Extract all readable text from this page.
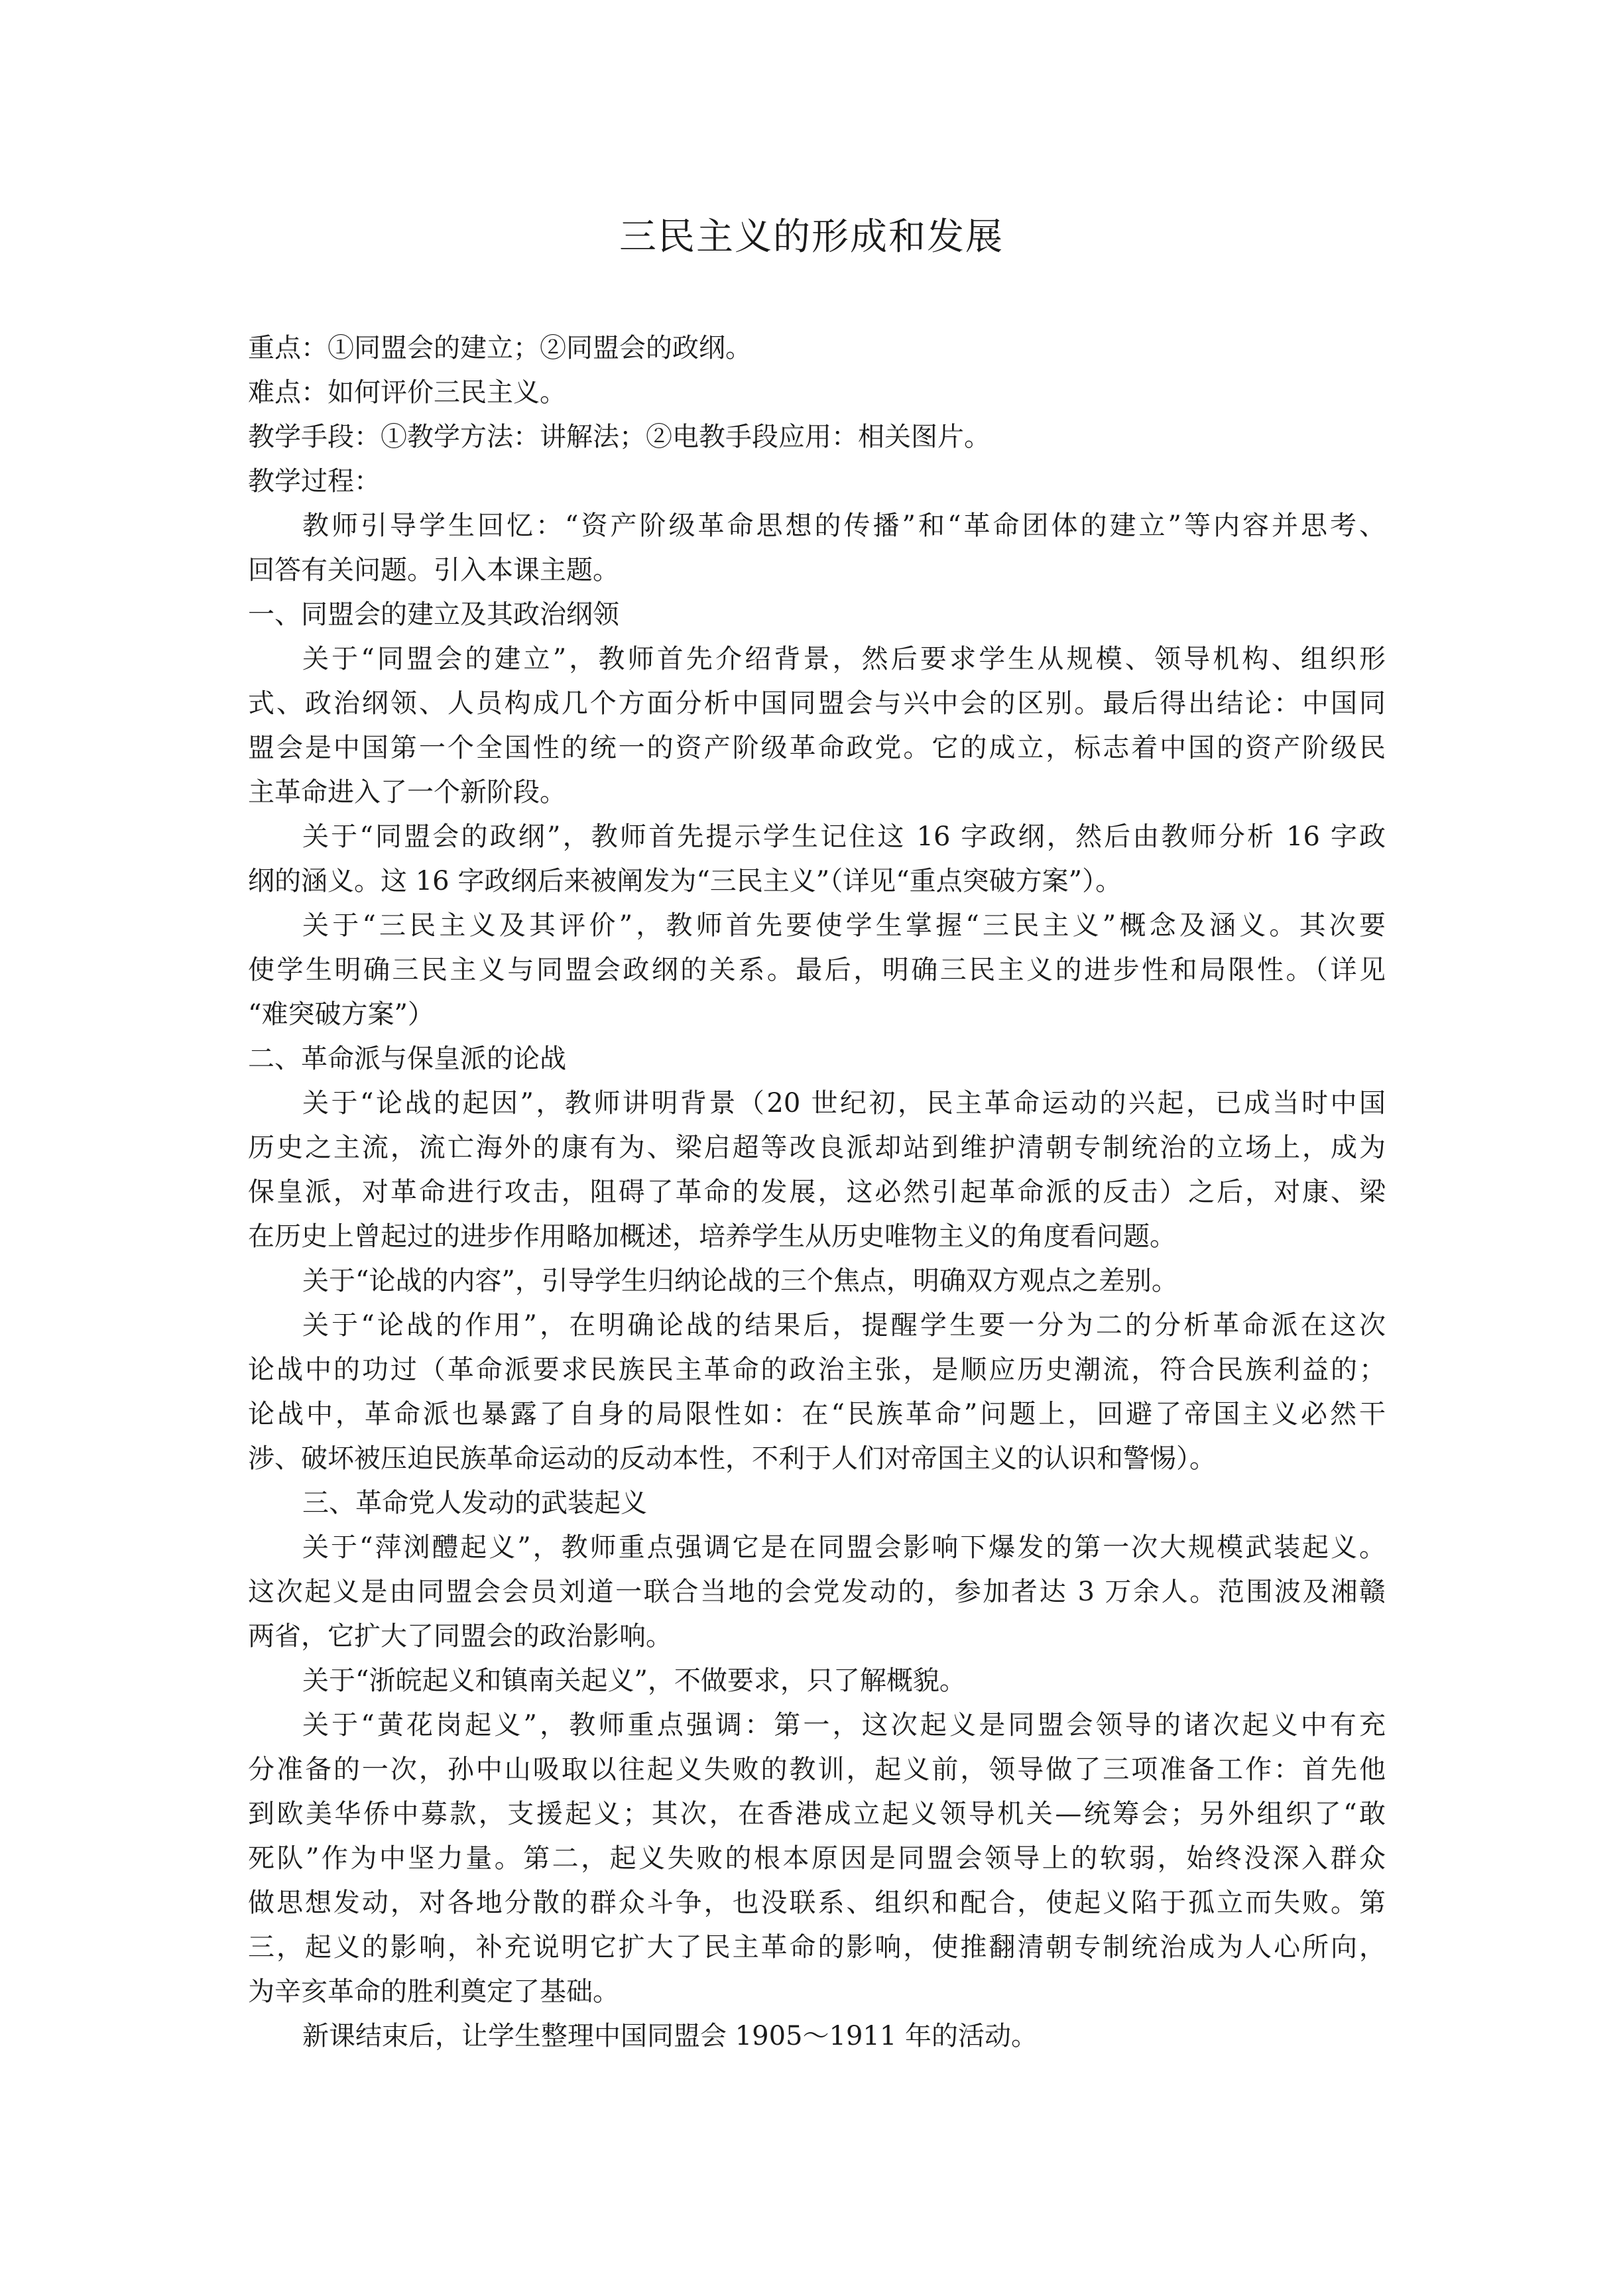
三民主义的形成和发展

重点：①同盟会的建立；②同盟会的政纲。

难点：如何评价三民主义。

教学手段：①教学方法：讲解法；②电教手段应用：相关图片。

教学过程：

教师引导学生回忆：“资产阶级革命思想的传播”和“革命团体的建立”等内容并思考、

回答有关问题。引入本课主题。

一、同盟会的建立及其政治纲领

关于“同盟会的建立”，教师首先介绍背景，然后要求学生从规模、领导机构、组织形

式、政治纲领、人员构成几个方面分析中国同盟会与兴中会的区别。最后得出结论：中国同

盟会是中国第一个全国性的统一的资产阶级革命政党。它的成立，标志着中国的资产阶级民

主革命进入了一个新阶段。

关于“同盟会的政纲”，教师首先提示学生记住这 16 字政纲，然后由教师分析 16 字政

纲的涵义。这 16 字政纲后来被阐发为“三民主义”（详见“重点突破方案”）。

关于“三民主义及其评价”，教师首先要使学生掌握“三民主义”概念及涵义。其次要

使学生明确三民主义与同盟会政纲的关系。最后，明确三民主义的进步性和局限性。（详见

“难突破方案”）

二、革命派与保皇派的论战

关于“论战的起因”，教师讲明背景（20 世纪初，民主革命运动的兴起，已成当时中国

历史之主流，流亡海外的康有为、梁启超等改良派却站到维护清朝专制统治的立场上，成为

保皇派，对革命进行攻击，阻碍了革命的发展，这必然引起革命派的反击）之后，对康、梁

在历史上曾起过的进步作用略加概述，培养学生从历史唯物主义的角度看问题。

关于“论战的内容”，引导学生归纳论战的三个焦点，明确双方观点之差别。

关于“论战的作用”，在明确论战的结果后，提醒学生要一分为二的分析革命派在这次

论战中的功过（革命派要求民族民主革命的政治主张，是顺应历史潮流，符合民族利益的；

论战中，革命派也暴露了自身的局限性如：在“民族革命”问题上，回避了帝国主义必然干

涉、破坏被压迫民族革命运动的反动本性，不利于人们对帝国主义的认识和警惕）。

三、革命党人发动的武装起义

关于“萍浏醴起义”，教师重点强调它是在同盟会影响下爆发的第一次大规模武装起义。

这次起义是由同盟会会员刘道一联合当地的会党发动的，参加者达 3 万余人。范围波及湘赣

两省，它扩大了同盟会的政治影响。

关于“浙皖起义和镇南关起义”，不做要求，只了解概貌。

关于“黄花岗起义”，教师重点强调：第一，这次起义是同盟会领导的诸次起义中有充

分准备的一次，孙中山吸取以往起义失败的教训，起义前，领导做了三项准备工作：首先他

到欧美华侨中募款，支援起义；其次，在香港成立起义领导机关—统筹会；另外组织了“敢

死队”作为中坚力量。第二，起义失败的根本原因是同盟会领导上的软弱，始终没深入群众

做思想发动，对各地分散的群众斗争，也没联系、组织和配合，使起义陷于孤立而失败。第

三，起义的影响，补充说明它扩大了民主革命的影响，使推翻清朝专制统治成为人心所向，

为辛亥革命的胜利奠定了基础。

新课结束后，让学生整理中国同盟会 1905～1911 年的活动。
